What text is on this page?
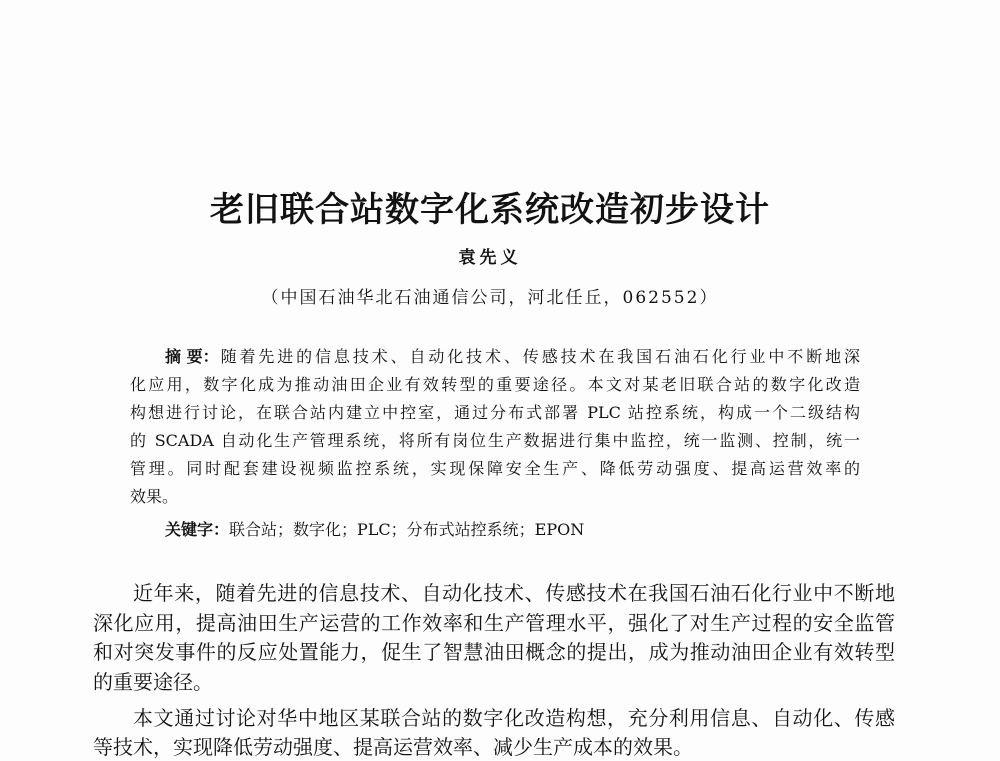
老旧联合站数字化系统改造初步设计
袁先义
（中国石油华北石油通信公司，河北任丘，062552）
摘 要： 随着先进的信息技术、自动化技术、传感技术在我国石油石化行业中不断地深
化应用，数字化成为推动油田企业有效转型的重要途径。本文对某老旧联合站的数字化改造
构想进行讨论，在联合站内建立中控室，通过分布式部署 PLC 站控系统，构成一个二级结构
的 SCADA 自动化生产管理系统，将所有岗位生产数据进行集中监控，统一监测、控制，统一
管理。同时配套建设视频监控系统，实现保障安全生产、降低劳动强度、提高运营效率的
效果。
关键字：联合站；数字化；PLC；分布式站控系统；EPON
近年来，随着先进的信息技术、自动化技术、传感技术在我国石油石化行业中不断地
深化应用，提高油田生产运营的工作效率和生产管理水平，强化了对生产过程的安全监管
和对突发事件的反应处置能力，促生了智慧油田概念的提出，成为推动油田企业有效转型
的重要途径。
本文通过讨论对华中地区某联合站的数字化改造构想，充分利用信息、自动化、传感
等技术，实现降低劳动强度、提高运营效率、减少生产成本的效果。
